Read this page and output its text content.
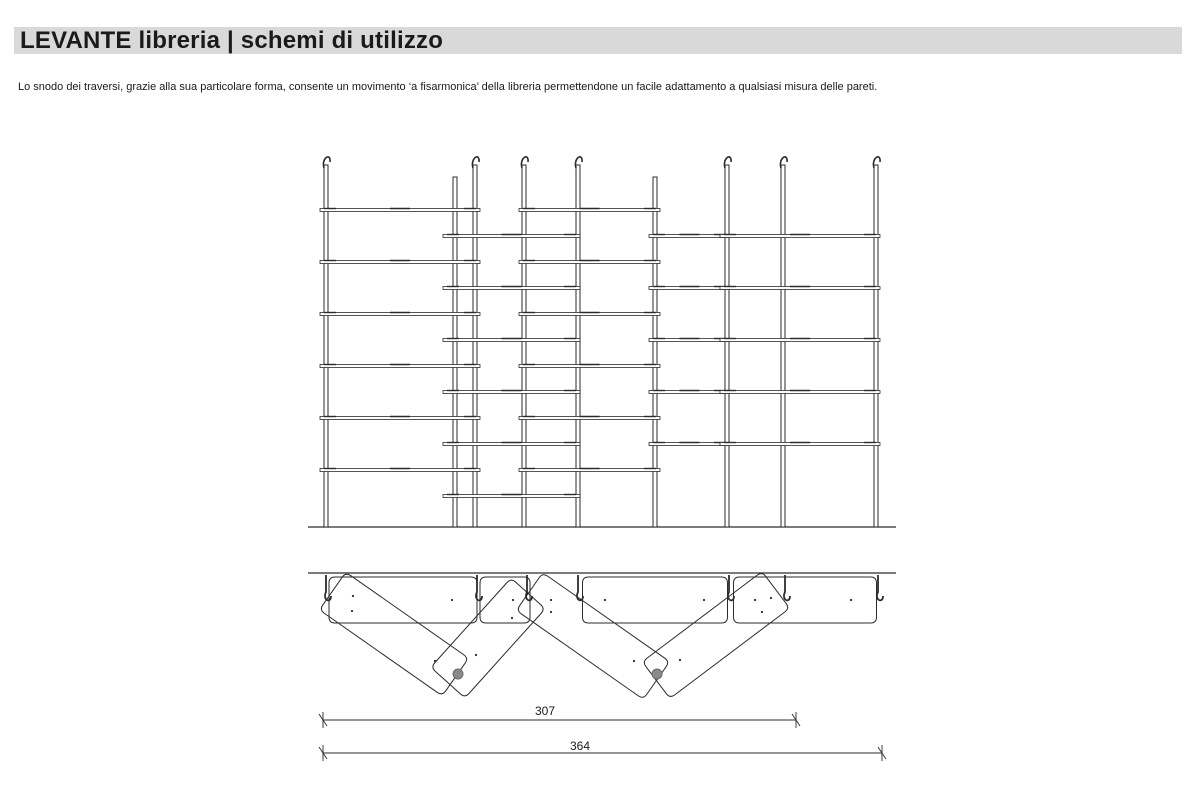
LEVANTE libreria | schemi di utilizzo
Lo snodo dei traversi, grazie alla sua particolare forma, consente un movimento ‘a fisarmonica’ della libreria permettendone un facile adattamento a qualsiasi misura delle pareti.
307
364
